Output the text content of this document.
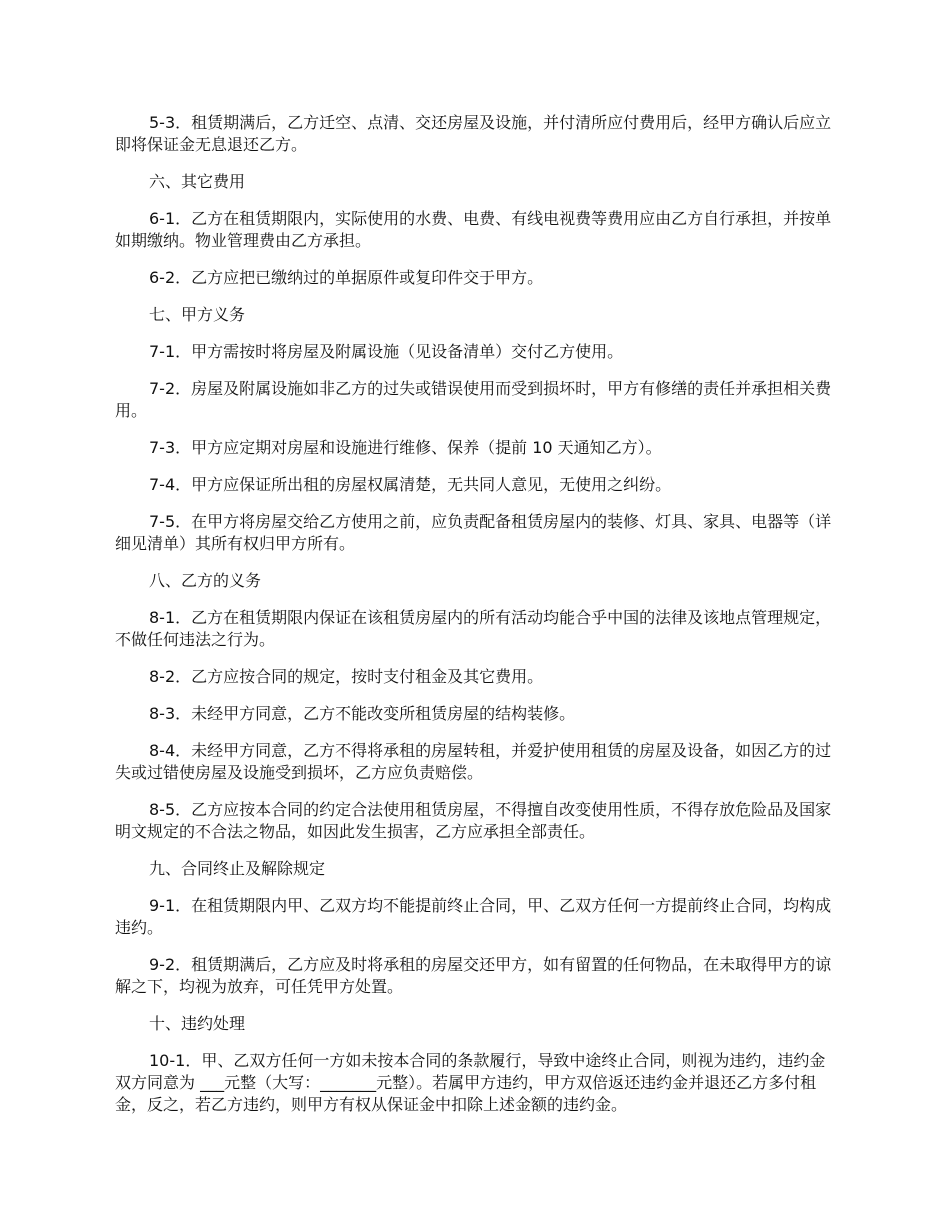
5-3．租赁期满后，乙方迁空、点清、交还房屋及设施，并付清所应付费用后，经甲方确认后应立即将保证金无息退还乙方。

六、其它费用

6-1．乙方在租赁期限内，实际使用的水费、电费、有线电视费等费用应由乙方自行承担，并按单如期缴纳。物业管理费由乙方承担。

6-2．乙方应把已缴纳过的单据原件或复印件交于甲方。

七、甲方义务

7-1．甲方需按时将房屋及附属设施（见设备清单）交付乙方使用。

7-2．房屋及附属设施如非乙方的过失或错误使用而受到损坏时，甲方有修缮的责任并承担相关费用。

7-3．甲方应定期对房屋和设施进行维修、保养（提前 10 天通知乙方）。

7-4．甲方应保证所出租的房屋权属清楚，无共同人意见，无使用之纠纷。

7-5．在甲方将房屋交给乙方使用之前，应负责配备租赁房屋内的装修、灯具、家具、电器等（详细见清单）其所有权归甲方所有。

八、乙方的义务

8-1．乙方在租赁期限内保证在该租赁房屋内的所有活动均能合乎中国的法律及该地点管理规定，不做任何违法之行为。

8-2．乙方应按合同的规定，按时支付租金及其它费用。

8-3．未经甲方同意，乙方不能改变所租赁房屋的结构装修。

8-4．未经甲方同意，乙方不得将承租的房屋转租，并爱护使用租赁的房屋及设备，如因乙方的过失或过错使房屋及设施受到损坏，乙方应负责赔偿。

8-5．乙方应按本合同的约定合法使用租赁房屋，不得擅自改变使用性质，不得存放危险品及国家明文规定的不合法之物品，如因此发生损害，乙方应承担全部责任。

九、合同终止及解除规定

9-1．在租赁期限内甲、乙双方均不能提前终止合同，甲、乙双方任何一方提前终止合同，均构成违约。

9-2．租赁期满后，乙方应及时将承租的房屋交还甲方，如有留置的任何物品，在未取得甲方的谅解之下，均视为放弃，可任凭甲方处置。

十、违约处理

10-1．甲、乙双方任何一方如未按本合同的条款履行，导致中途终止合同，则视为违约，违约金双方同意为 ___元整（大写：_______元整）。若属甲方违约，甲方双倍返还违约金并退还乙方多付租金，反之，若乙方违约，则甲方有权从保证金中扣除上述金额的违约金。
